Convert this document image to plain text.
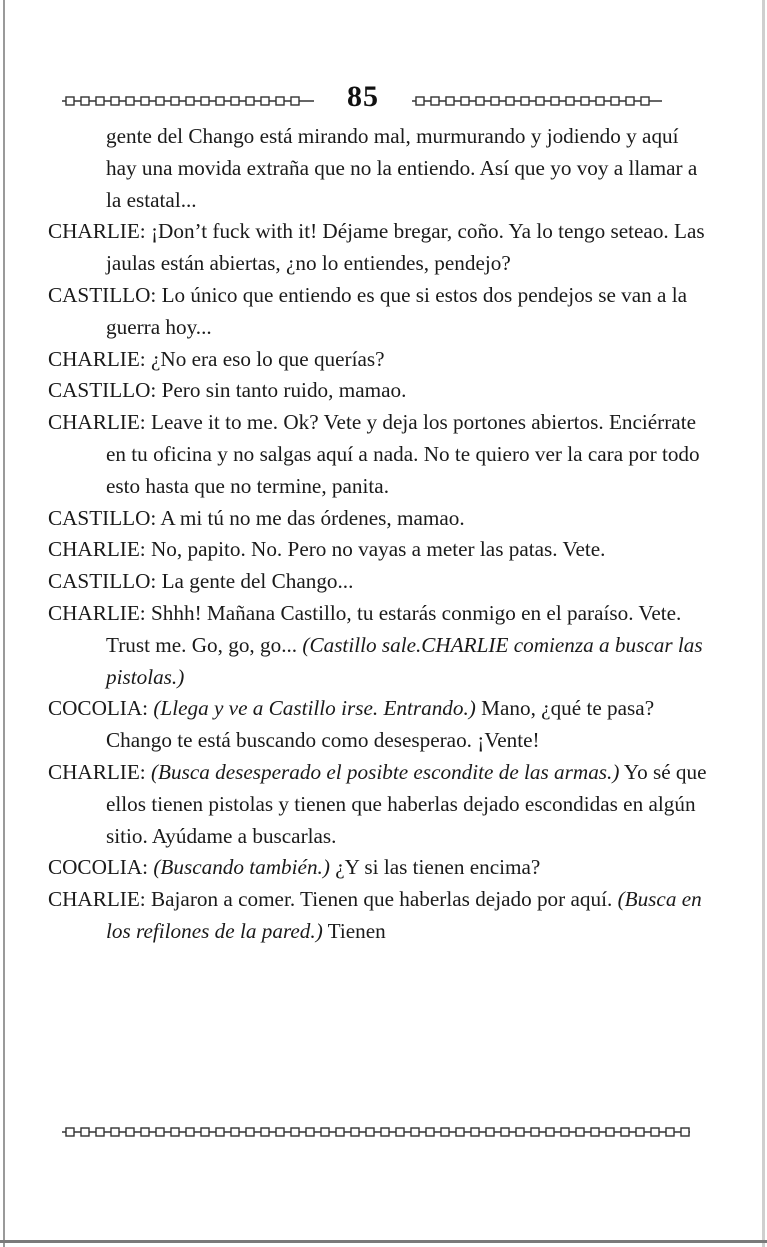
85

gente del Chango está mirando mal, murmurando y jodiendo y aquí hay una movida extraña que no la entiendo. Así que yo voy a llamar a la estatal...

CHARLIE: ¡Don’t fuck with it! Déjame bregar, coño. Ya lo tengo seteao. Las jaulas están abiertas, ¿no lo entiendes, pendejo?

CASTILLO: Lo único que entiendo es que si estos dos pendejos se van a la guerra hoy...

CHARLIE: ¿No era eso lo que querías?

CASTILLO: Pero sin tanto ruido, mamao.

CHARLIE: Leave it to me. Ok? Vete y deja los portones abiertos. Enciérrate en tu oficina y no salgas aquí a nada. No te quiero ver la cara por todo esto hasta que no termine, panita.

CASTILLO: A mi tú no me das órdenes, mamao.

CHARLIE: No, papito. No. Pero no vayas a meter las patas. Vete.

CASTILLO: La gente del Chango...

CHARLIE: Shhh! Mañana Castillo, tu estarás conmigo en el paraíso. Vete. Trust me. Go, go, go... (Castillo sale.CHARLIE comienza a buscar las pistolas.)

COCOLIA: (Llega y ve a Castillo irse. Entrando.) Mano, ¿qué te pasa? Chango te está buscando como desesperao. ¡Vente!

CHARLIE: (Busca desesperado el posibte escondite de las armas.) Yo sé que ellos tienen pistolas y tienen que haberlas dejado escondidas en algún sitio. Ayúdame a buscarlas.

COCOLIA: (Buscando también.) ¿Y si las tienen encima?

CHARLIE: Bajaron a comer. Tienen que haberlas dejado por aquí. (Busca en los refilones de la pared.) Tienen
